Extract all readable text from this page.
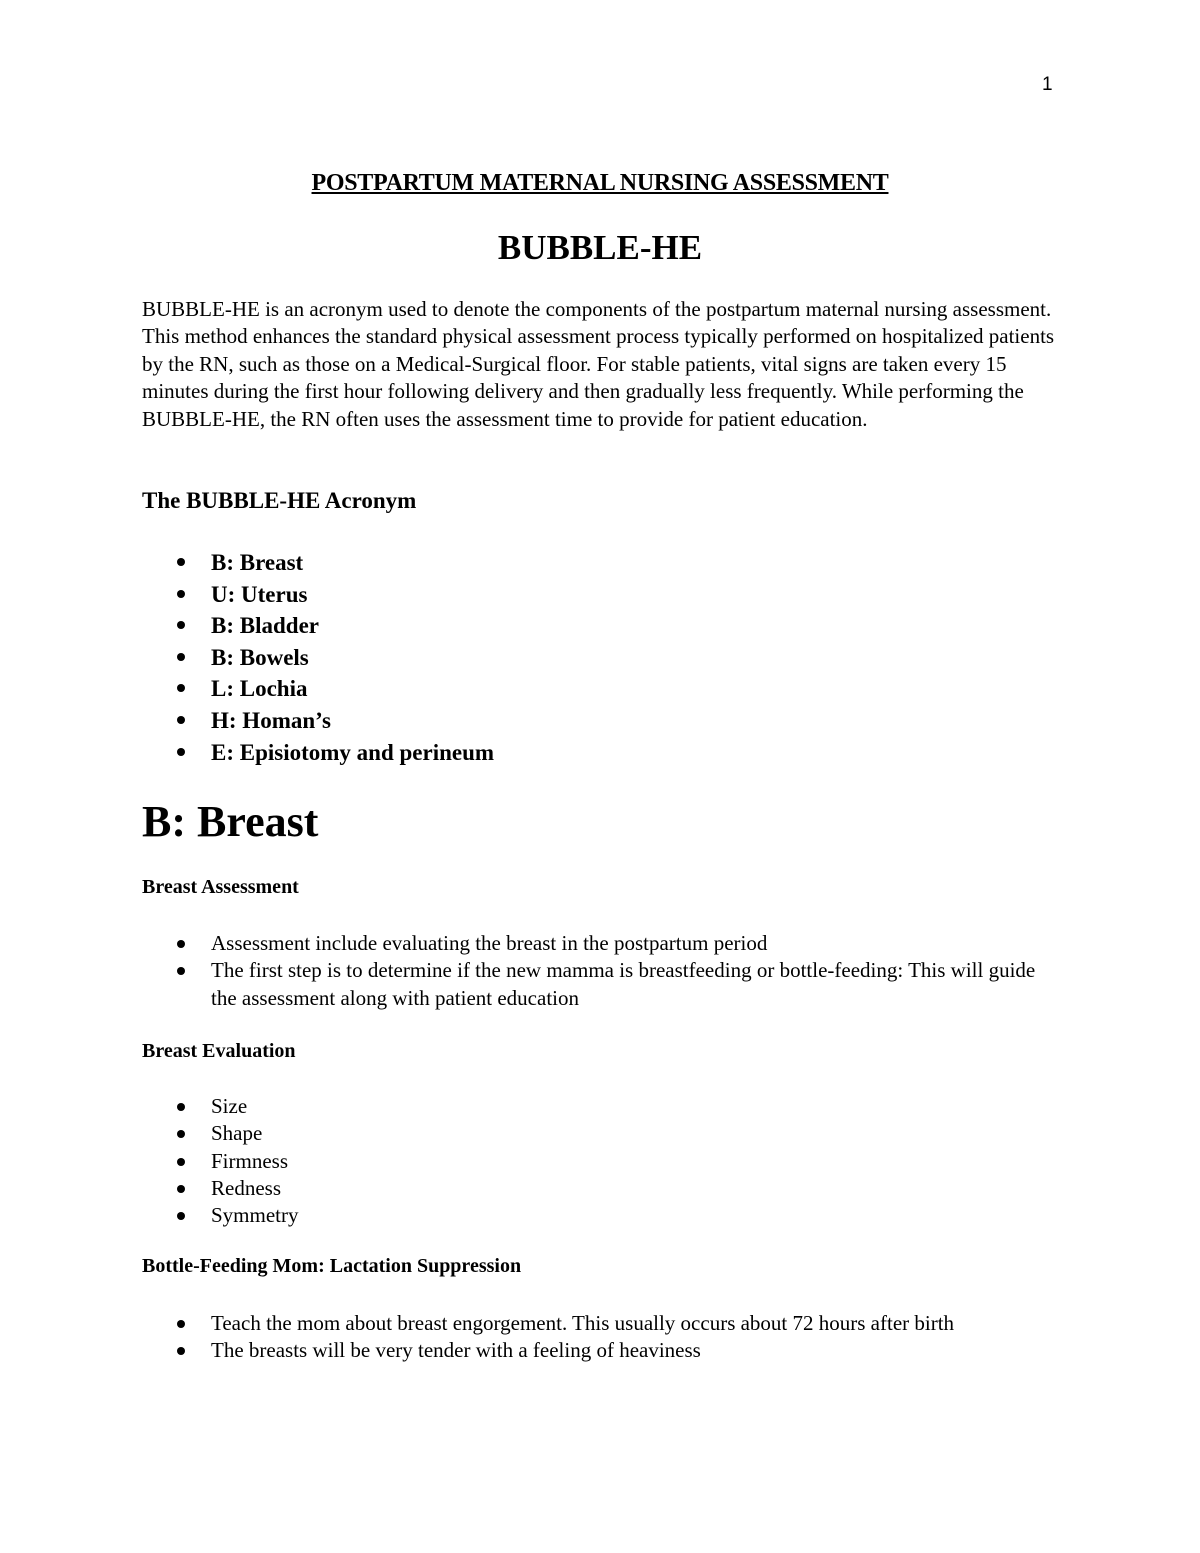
1
POSTPARTUM MATERNAL NURSING ASSESSMENT
BUBBLE-HE

BUBBLE-HE is an acronym used to denote the components of the postpartum maternal nursing assessment. This method enhances the standard physical assessment process typically performed on hospitalized patients by the RN, such as those on a Medical-Surgical floor. For stable patients, vital signs are taken every 15 minutes during the first hour following delivery and then gradually less frequently. While performing the BUBBLE-HE, the RN often uses the assessment time to provide for patient education.

The BUBBLE-HE Acronym
B: Breast
U: Uterus
B: Bladder
B: Bowels
L: Lochia
H: Homan’s
E: Episiotomy and perineum
B: Breast
Breast Assessment
Assessment include evaluating the breast in the postpartum period
The first step is to determine if the new mamma is breastfeeding or bottle-feeding: This will guide the assessment along with patient education
Breast Evaluation
Size
Shape
Firmness
Redness
Symmetry
Bottle-Feeding Mom: Lactation Suppression
Teach the mom about breast engorgement. This usually occurs about 72 hours after birth
The breasts will be very tender with a feeling of heaviness
